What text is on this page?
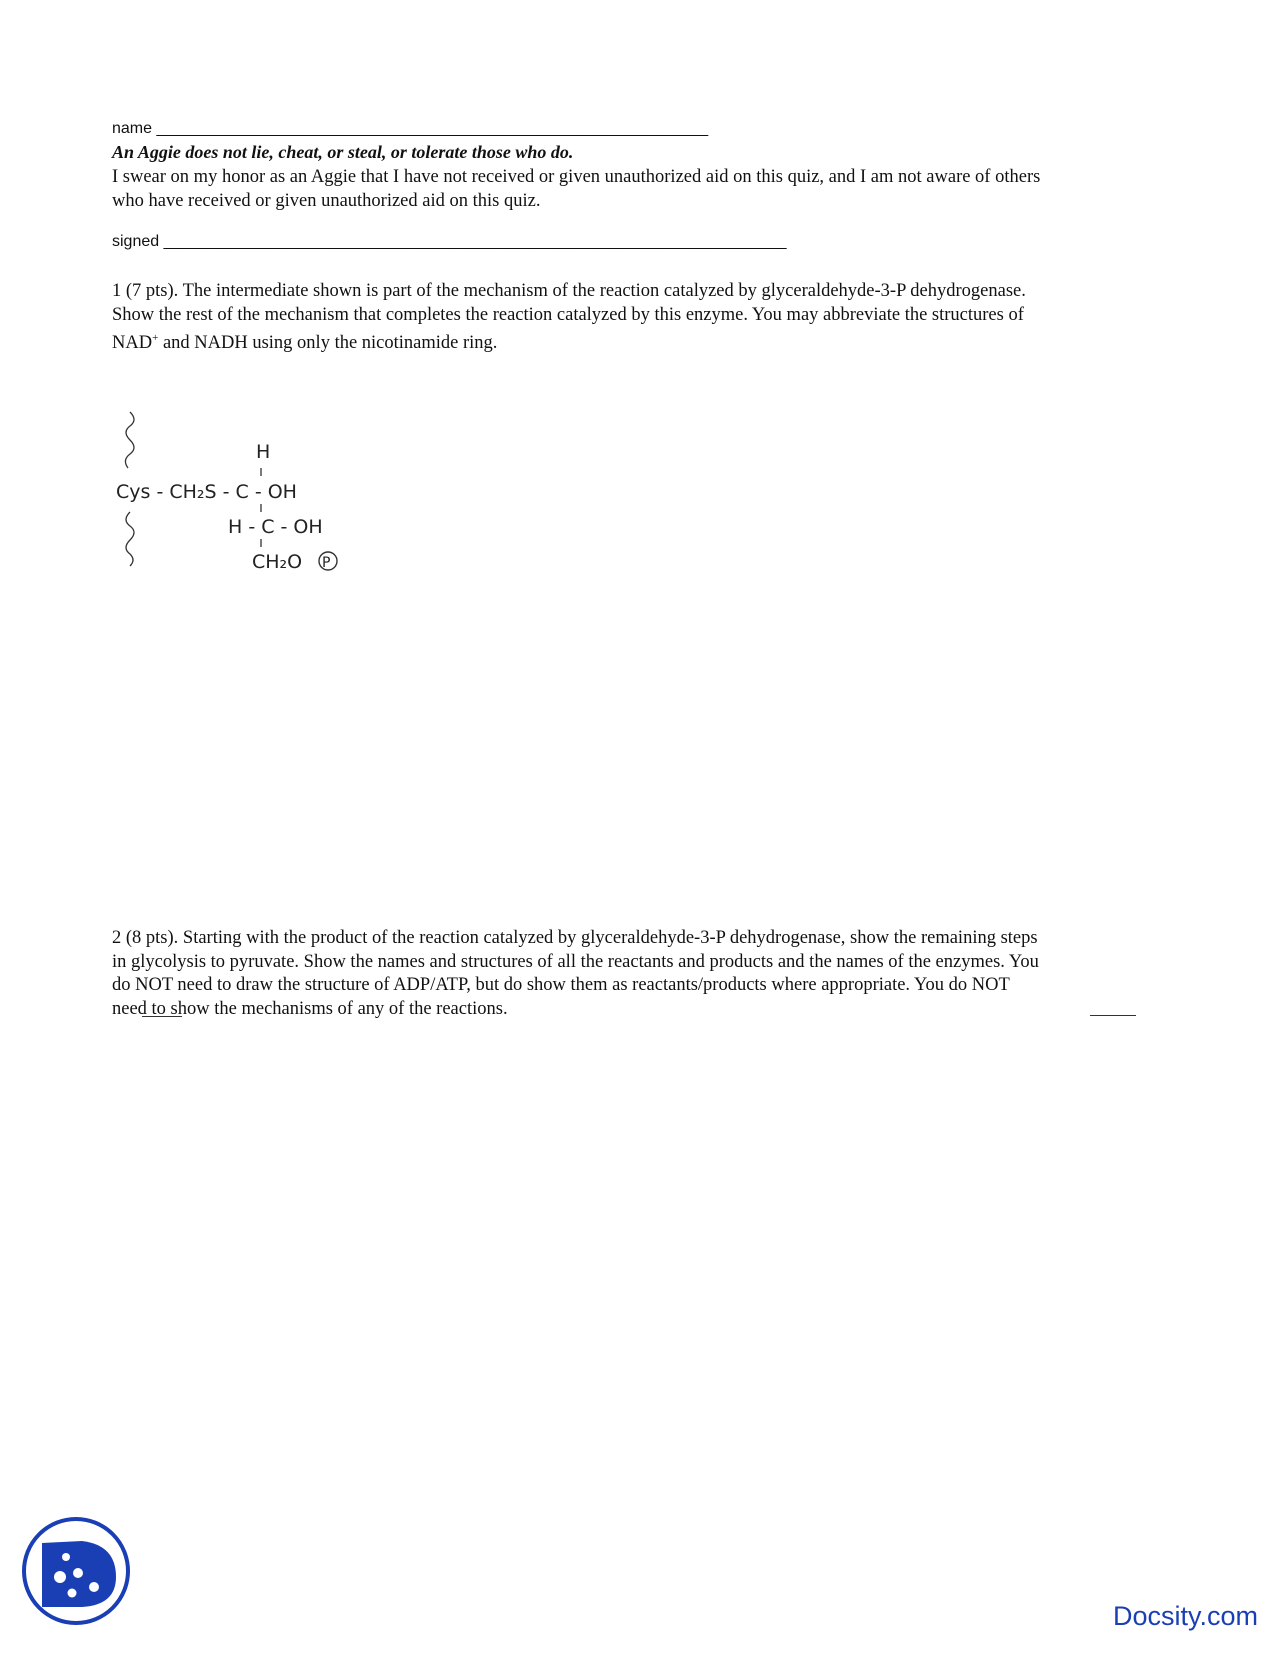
name ______________________________________________________________
An Aggie does not lie, cheat, or steal, or tolerate those who do.
I swear on my honor as an Aggie that I have not received or given unauthorized aid on this quiz, and I am not aware of others
who have received or given unauthorized aid on this quiz.
signed ______________________________________________________________________
1 (7 pts). The intermediate shown is part of the mechanism of the reaction catalyzed by glyceraldehyde-3-P dehydrogenase.
Show the rest of the mechanism that completes the reaction catalyzed by this enzyme. You may abbreviate the structures of
NAD+ and NADH using only the nicotinamide ring.
H
Cys - CH₂S - C - OH
H - C - OH
CH₂O P
2 (8 pts). Starting with the product of the reaction catalyzed by glyceraldehyde-3-P dehydrogenase, show the remaining steps
in glycolysis to pyruvate. Show the names and structures of all the reactants and products and the names of the enzymes. You
do NOT need to draw the structure of ADP/ATP, but do show them as reactants/products where appropriate. You do NOT
need to show the mechanisms of any of the reactions.
Docsity.com
